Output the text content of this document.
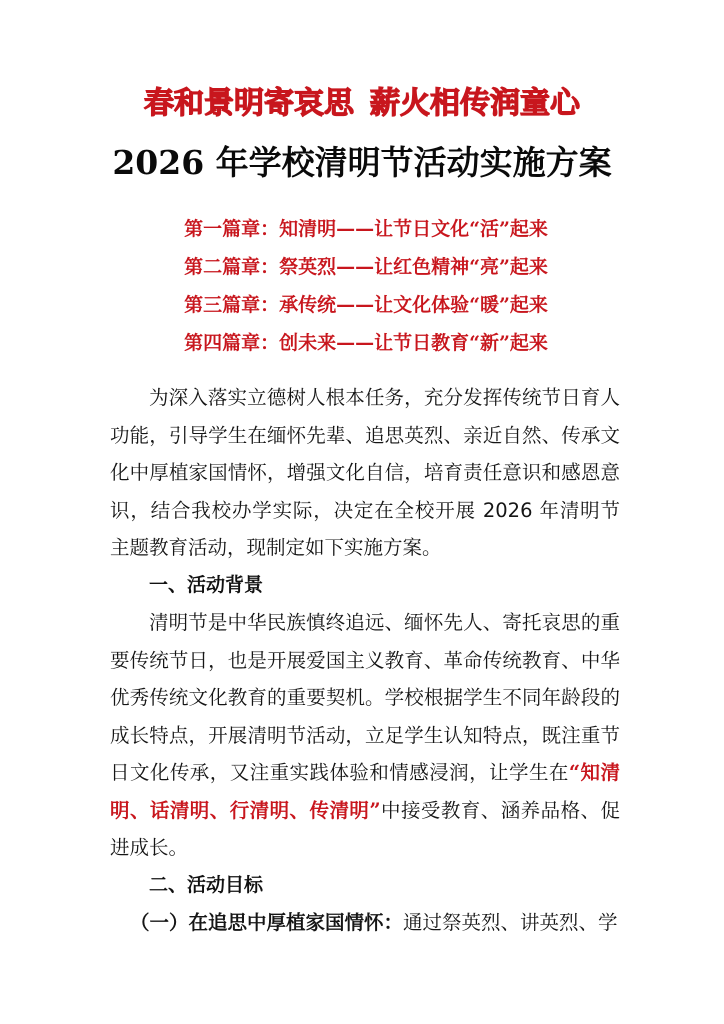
春和景明寄哀思 薪火相传润童心
2026 年学校清明节活动实施方案
第一篇章：知清明——让节日文化“活”起来
第二篇章：祭英烈——让红色精神“亮”起来
第三篇章：承传统——让文化体验“暖”起来
第四篇章：创未来——让节日教育“新”起来

为深入落实立德树人根本任务，充分发挥传统节日育人功能，引导学生在缅怀先辈、追思英烈、亲近自然、传承文化中厚植家国情怀，增强文化自信，培育责任意识和感恩意识，结合我校办学实际，决定在全校开展 2026 年清明节主题教育活动，现制定如下实施方案。

一、活动背景

清明节是中华民族慎终追远、缅怀先人、寄托哀思的重要传统节日，也是开展爱国主义教育、革命传统教育、中华优秀传统文化教育的重要契机。学校根据学生不同年龄段的成长特点，开展清明节活动，立足学生认知特点，既注重节日文化传承，又注重实践体验和情感浸润，让学生在“知清明、话清明、行清明、传清明”中接受教育、涵养品格、促进成长。

二、活动目标

（一）在追思中厚植家国情怀：通过祭英烈、讲英烈、学
